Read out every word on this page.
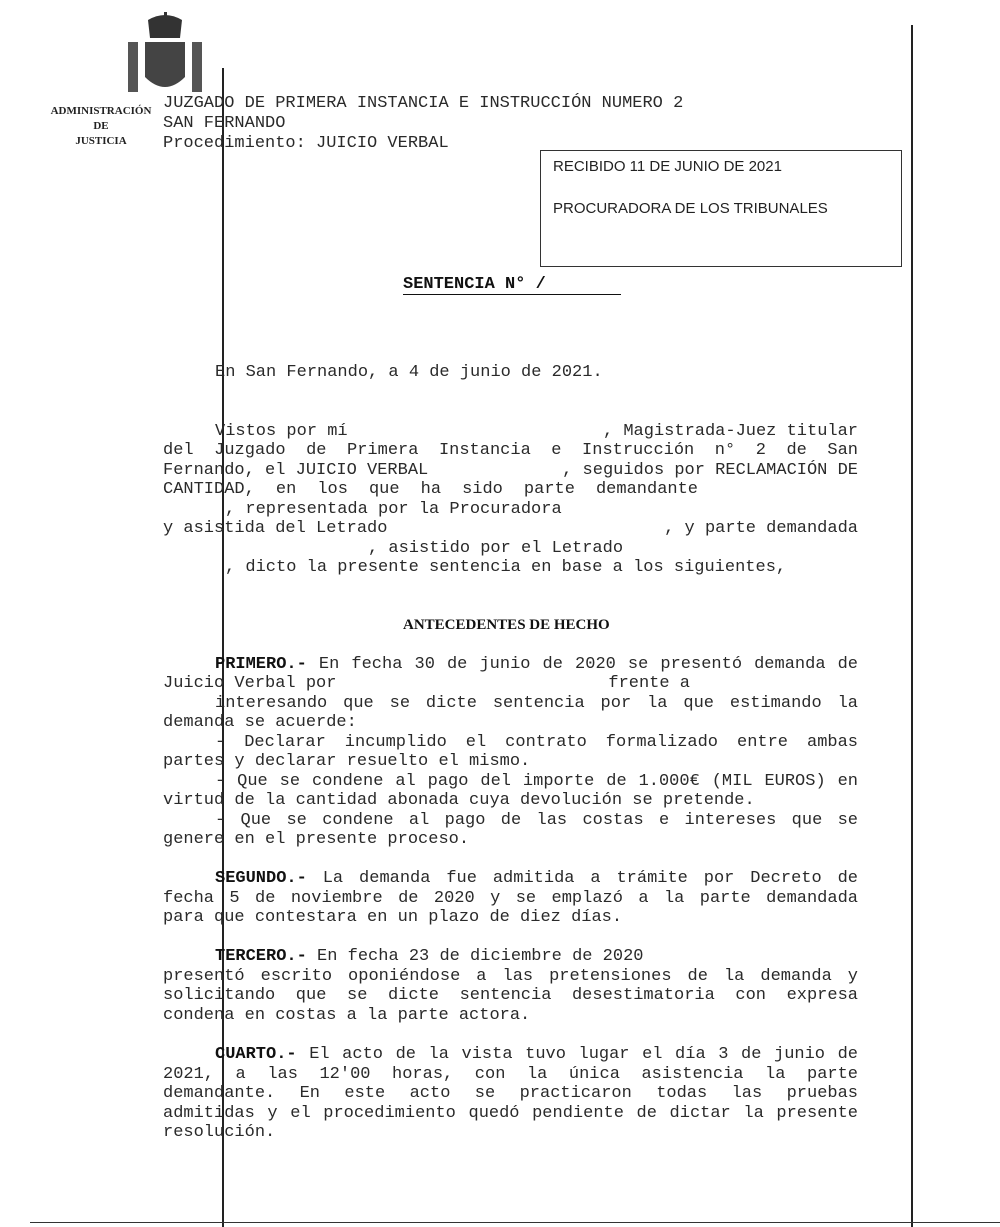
ADMINISTRACIÓN
DE
JUSTICIA
JUZGADO DE PRIMERA INSTANCIA E INSTRUCCIÓN NUMERO 2
SAN FERNANDO
Procedimiento: JUICIO VERBAL
RECIBIDO 11 DE JUNIO DE 2021
PROCURADORA DE LOS TRIBUNALES
SENTENCIA N° /
En San Fernando, a 4 de junio de 2021.
Vistos por mí	, Magistrada-Juez titular
del Juzgado de Primera Instancia e Instrucción n° 2 de San
Fernando, el JUICIO VERBAL	, seguidos por RECLAMACIÓN DE
CANTIDAD, en los que ha sido parte demandante
, representada por la Procuradora
y asistida del Letrado	, y parte demandada
, asistido por el Letrado
, dicto la presente sentencia en base a los siguientes,
ANTECEDENTES DE HECHO
PRIMERO.- En fecha 30 de junio de 2020 se presentó demanda de
Juicio Verbal por	frente a
interesando que se dicte sentencia por la que estimando la
demanda se acuerde:
- Declarar incumplido el contrato formalizado entre ambas
partes y declarar resuelto el mismo.
- Que se condene al pago del importe de 1.000€ (MIL EUROS) en
virtud de la cantidad abonada cuya devolución se pretende.
- Que se condene al pago de las costas e intereses que se
genere en el presente proceso.
SEGUNDO.- La demanda fue admitida a trámite por Decreto de
fecha 5 de noviembre de 2020 y se emplazó a la parte demandada
para que contestara en un plazo de diez días.
TERCERO.- En fecha 23 de diciembre de 2020
presentó escrito oponiéndose a las pretensiones de la demanda y
solicitando que se dicte sentencia desestimatoria con expresa
condena en costas a la parte actora.
CUARTO.- El acto de la vista tuvo lugar el día 3 de junio de
2021, a las 12'00 horas, con la única asistencia la parte
demandante. En este acto se practicaron todas las pruebas
admitidas y el procedimiento quedó pendiente de dictar la presente
resolución.
